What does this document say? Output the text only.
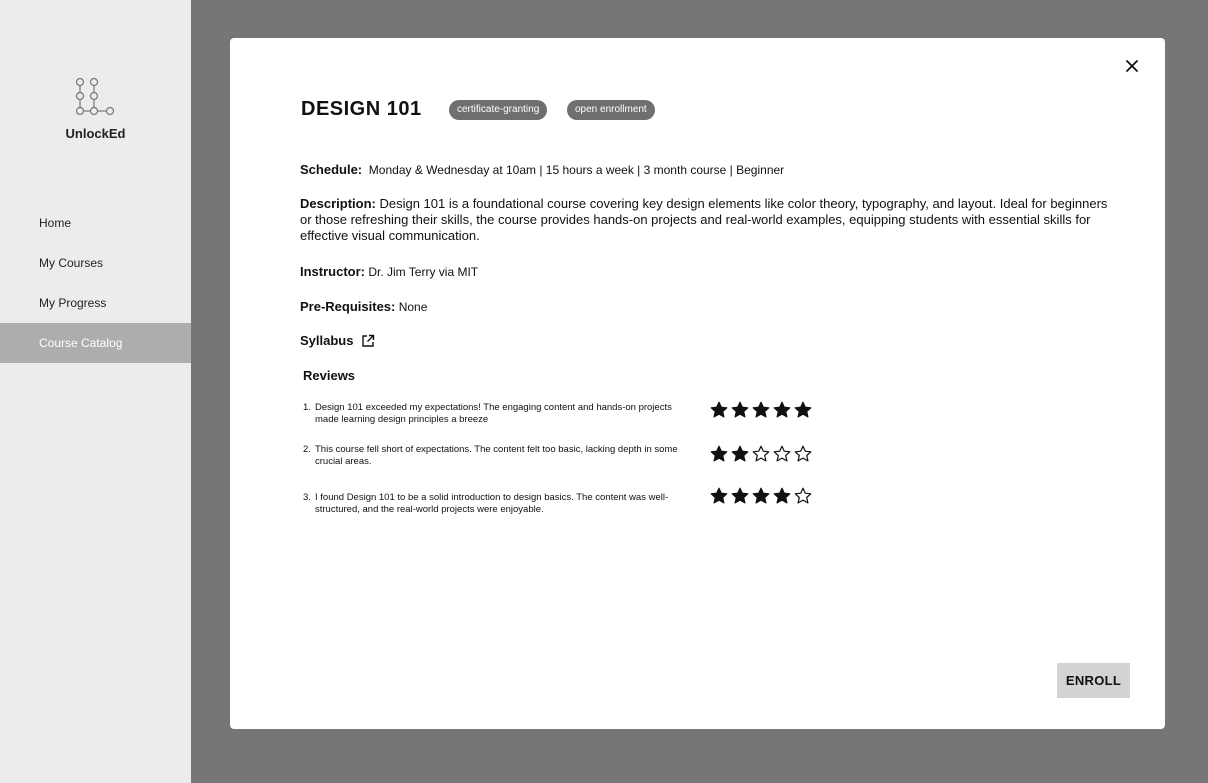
UnlockEd
Home
My Courses
My Progress
Course Catalog
DESIGN 101	certificate-granting	open enrollment
Schedule: Monday & Wednesday at 10am | 15 hours a week | 3 month course | Beginner
Description: Design 101 is a foundational course covering key design elements like color theory, typography, and layout. Ideal for beginners or those refreshing their skills, the course provides hands-on projects and real-world examples, equipping students with essential skills for effective visual communication.
Instructor: Dr. Jim Terry via MIT
Pre-Requisites: None
Syllabus
Reviews
1. Design 101 exceeded my expectations! The engaging content and hands-on projects made learning design principles a breeze
2. This course fell short of expectations. The content felt too basic, lacking depth in some crucial areas.
3. I found Design 101 to be a solid introduction to design basics. The content was well-structured, and the real-world projects were enjoyable.
ENROLL
